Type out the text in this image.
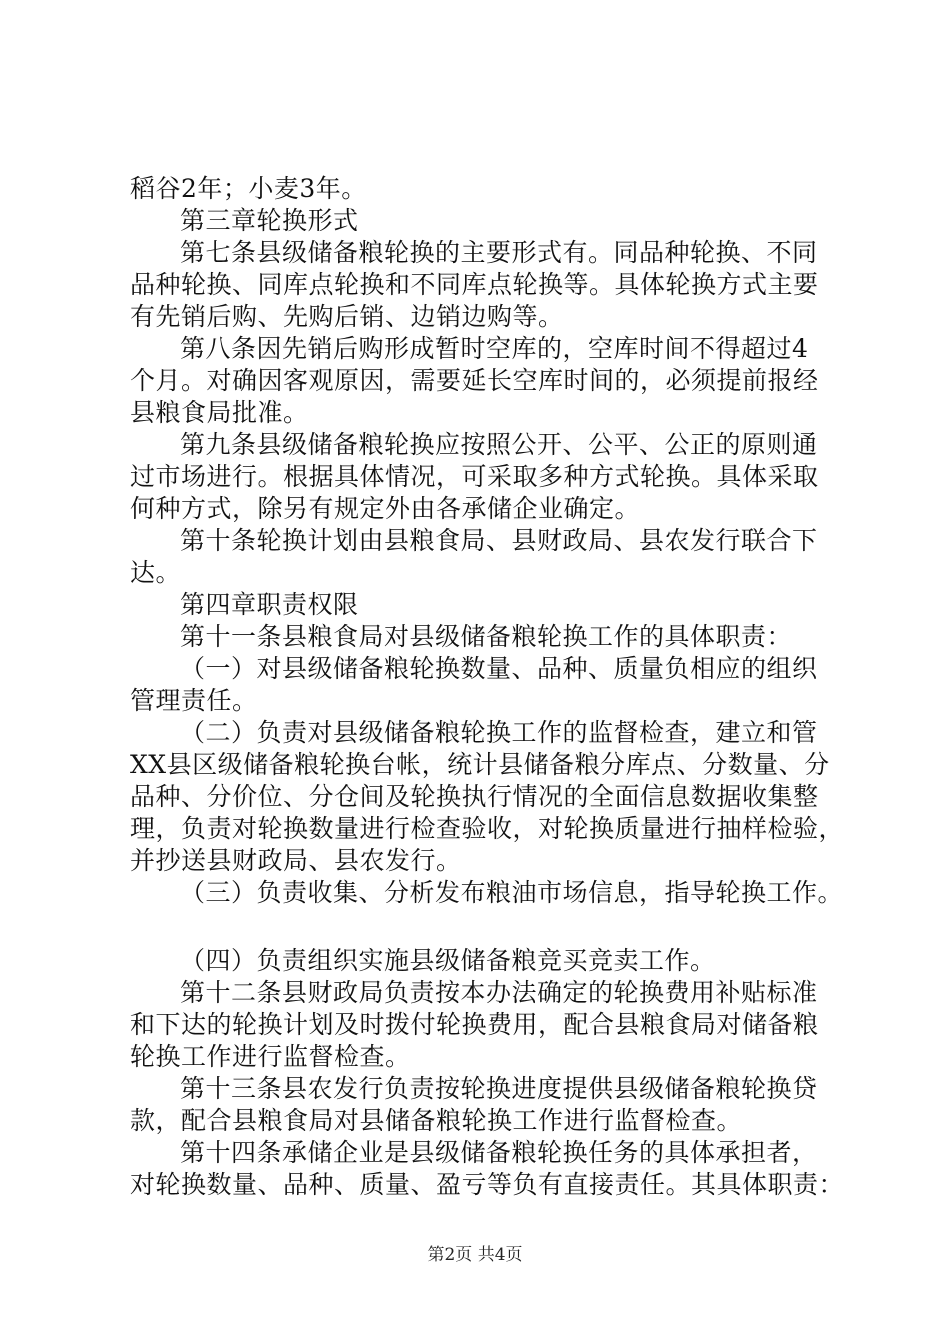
稻谷2年；小麦3年。
第三章轮换形式
第七条县级储备粮轮换的主要形式有。同品种轮换、不同
品种轮换、同库点轮换和不同库点轮换等。具体轮换方式主要
有先销后购、先购后销、边销边购等。
第八条因先销后购形成暂时空库的，空库时间不得超过4
个月。对确因客观原因，需要延长空库时间的，必须提前报经
县粮食局批准。
第九条县级储备粮轮换应按照公开、公平、公正的原则通
过市场进行。根据具体情况，可采取多种方式轮换。具体采取
何种方式，除另有规定外由各承储企业确定。
第十条轮换计划由县粮食局、县财政局、县农发行联合下
达。
第四章职责权限
第十一条县粮食局对县级储备粮轮换工作的具体职责：
（一）对县级储备粮轮换数量、品种、质量负相应的组织
管理责任。
（二）负责对县级储备粮轮换工作的监督检查，建立和管
XX县区级储备粮轮换台帐，统计县储备粮分库点、分数量、分
品种、分价位、分仓间及轮换执行情况的全面信息数据收集整
理，负责对轮换数量进行检查验收，对轮换质量进行抽样检验，
并抄送县财政局、县农发行。
（三）负责收集、分析发布粮油市场信息，指导轮换工作。
（四）负责组织实施县级储备粮竞买竞卖工作。
第十二条县财政局负责按本办法确定的轮换费用补贴标准
和下达的轮换计划及时拨付轮换费用，配合县粮食局对储备粮
轮换工作进行监督检查。
第十三条县农发行负责按轮换进度提供县级储备粮轮换贷
款，配合县粮食局对县储备粮轮换工作进行监督检查。
第十四条承储企业是县级储备粮轮换任务的具体承担者，
对轮换数量、品种、质量、盈亏等负有直接责任。其具体职责：
第2页 共4页
